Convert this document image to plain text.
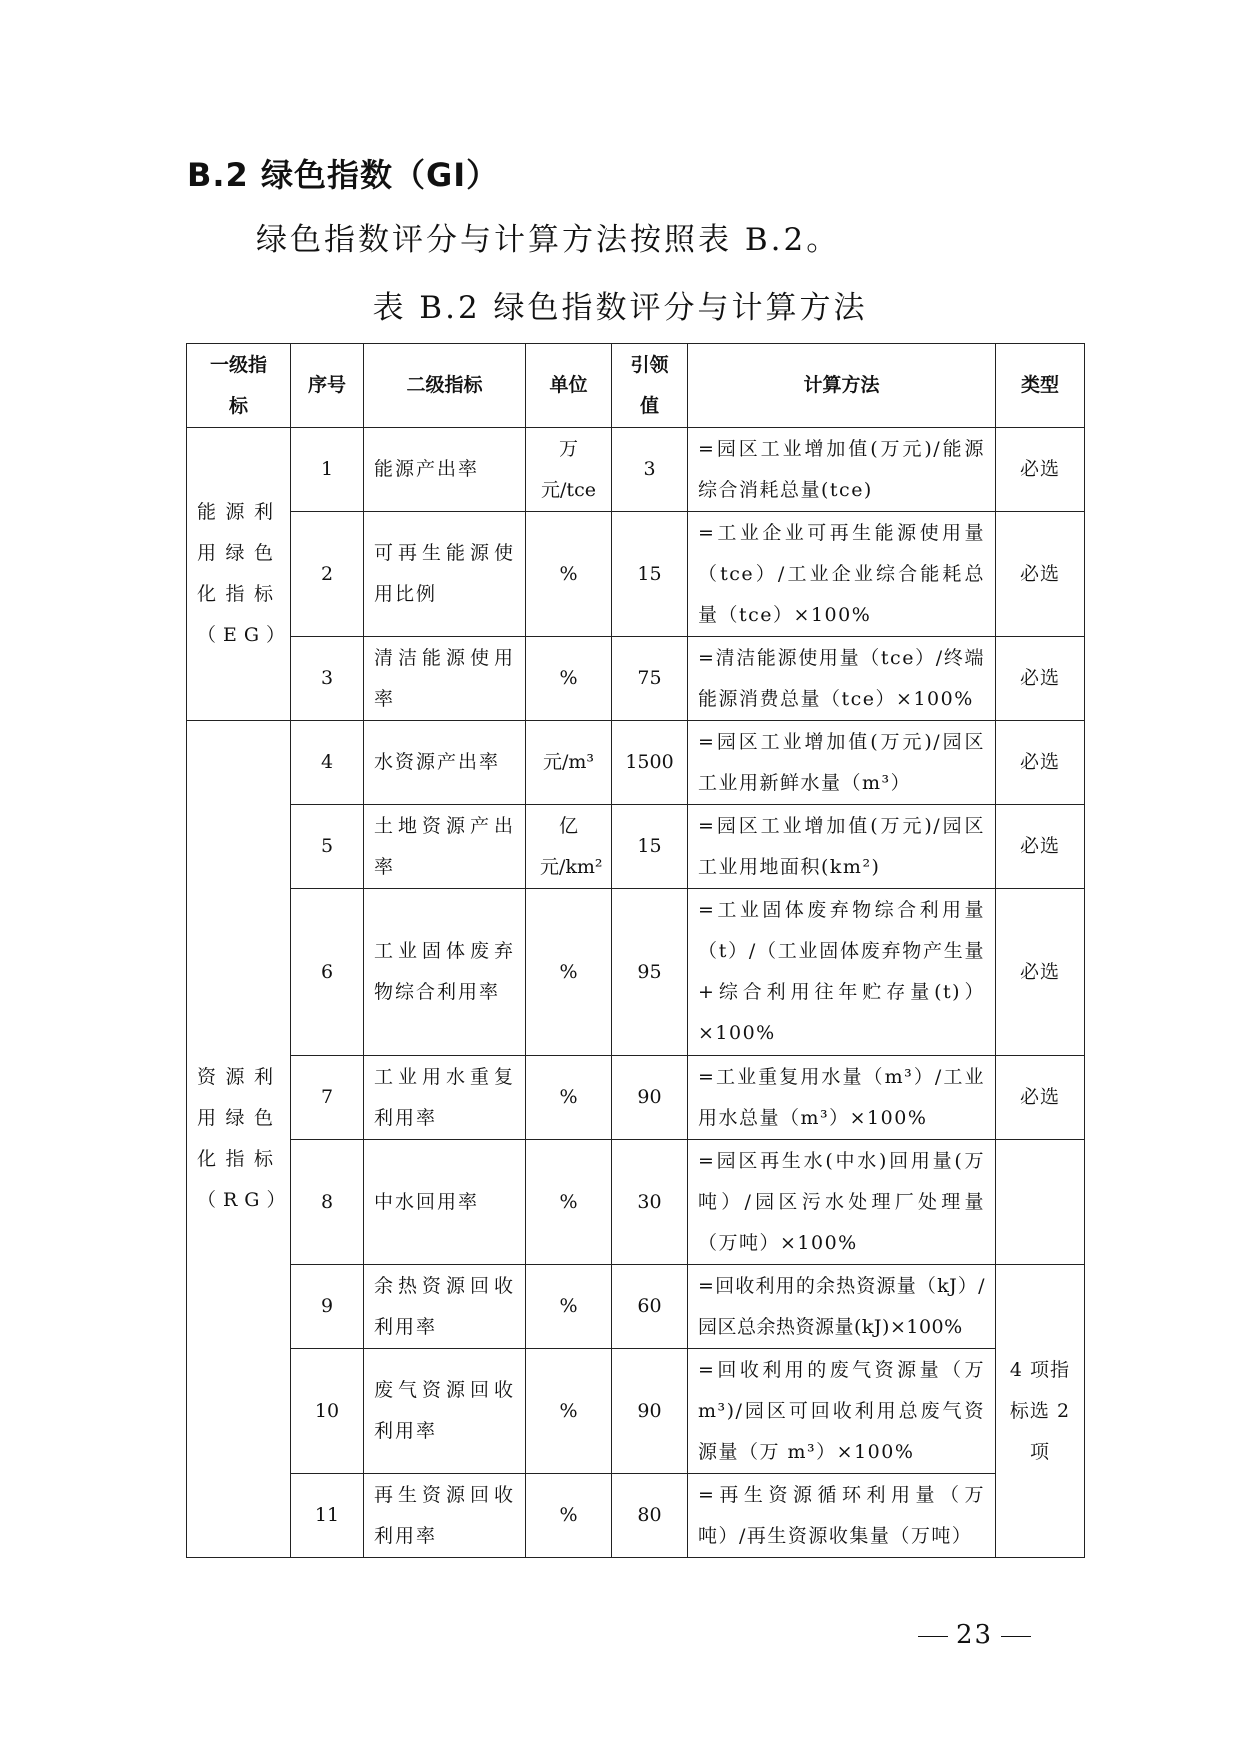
B.2 绿色指数（GI）

绿色指数评分与计算方法按照表 B.2。

表 B.2 绿色指数评分与计算方法

一级指标	序号	二级指标	单位	引领值	计算方法	类型
能源利用绿色化指标（EG）	1	能源产出率	万元/tce	3	=园区工业增加值(万元)/能源综合消耗总量(tce)	必选
	2	可再生能源使用比例	%	15	=工业企业可再生能源使用量（tce）/工业企业综合能耗总量（tce）×100%	必选
	3	清洁能源使用率	%	75	=清洁能源使用量（tce）/终端能源消费总量（tce）×100%	必选
资源利用绿色化指标（RG）	4	水资源产出率	元/m³	1500	=园区工业增加值(万元)/园区工业用新鲜水量（m³）	必选
	5	土地资源产出率	亿元/km²	15	=园区工业增加值(万元)/园区工业用地面积(km²)	必选
	6	工业固体废弃物综合利用率	%	95	=工业固体废弃物综合利用量（t）/（工业固体废弃物产生量+综合利用往年贮存量(t)）×100%	必选
	7	工业用水重复利用率	%	90	=工业重复用水量（m³）/工业用水总量（m³）×100%	必选
	8	中水回用率	%	30	=园区再生水(中水)回用量(万吨）/园区污水处理厂处理量（万吨）×100%	
	9	余热资源回收利用率	%	60	=回收利用的余热资源量（kJ）/园区总余热资源量(kJ)×100%	4 项指标选 2 项
	10	废气资源回收利用率	%	90	=回收利用的废气资源量（万m³)/园区可回收利用总废气资源量（万 m³）×100%	
	11	再生资源回收利用率	%	80	=再生资源循环利用量（万吨）/再生资源收集量（万吨）	
23
